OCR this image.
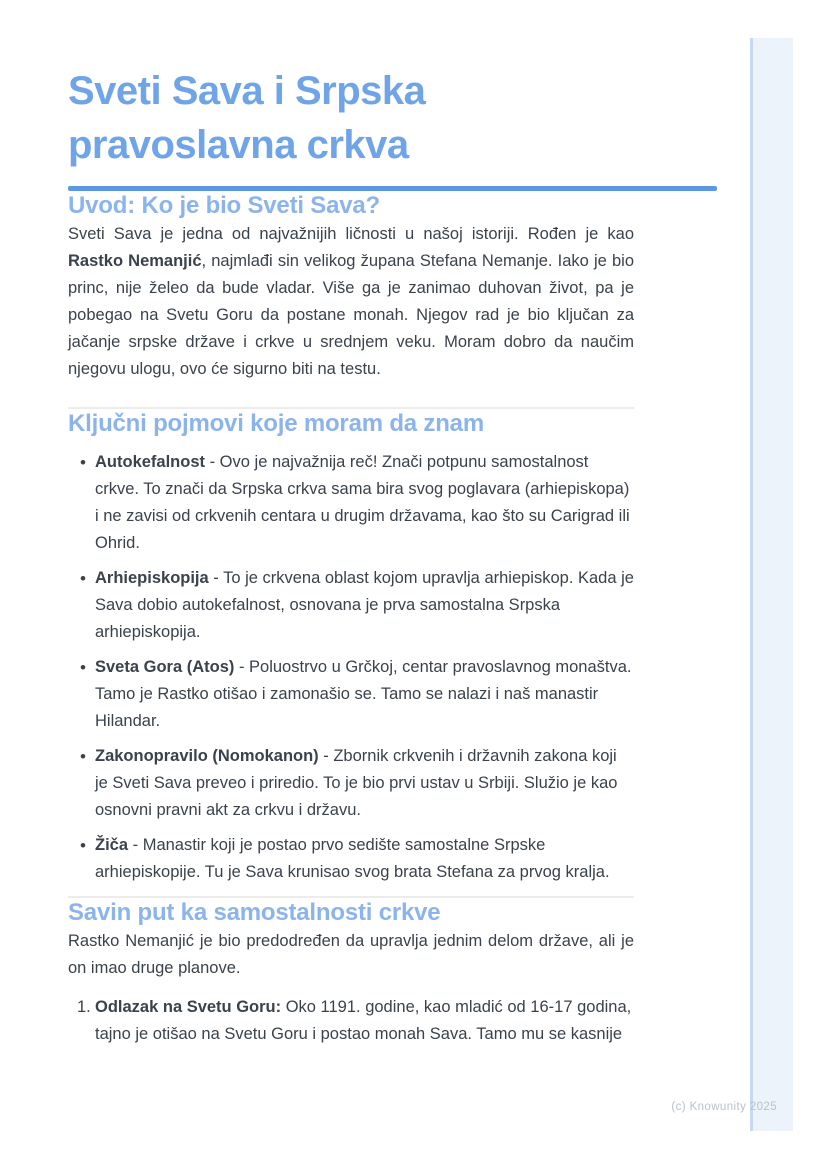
Sveti Sava i Srpska pravoslavna crkva
Uvod: Ko je bio Sveti Sava?

Sveti Sava je jedna od najvažnijih ličnosti u našoj istoriji. Rođen je kao Rastko Nemanjić, najmlađi sin velikog župana Stefana Nemanje. Iako je bio princ, nije želeo da bude vladar. Više ga je zanimao duhovan život, pa je pobegao na Svetu Goru da postane monah. Njegov rad je bio ključan za jačanje srpske države i crkve u srednjem veku. Moram dobro da naučim njegovu ulogu, ovo će sigurno biti na testu.

Ključni pojmovi koje moram da znam
• Autokefalnost - Ovo je najvažnija reč! Znači potpunu samostalnost crkve. To znači da Srpska crkva sama bira svog poglavara (arhiepiskopa) i ne zavisi od crkvenih centara u drugim državama, kao što su Carigrad ili Ohrid.
• Arhiepiskopija - To je crkvena oblast kojom upravlja arhiepiskop. Kada je Sava dobio autokefalnost, osnovana je prva samostalna Srpska arhiepiskopija.
• Sveta Gora (Atos) - Poluostrvo u Grčkoj, centar pravoslavnog monaštva. Tamo je Rastko otišao i zamonašio se. Tamo se nalazi i naš manastir Hilandar.
• Zakonopravilo (Nomokanon) - Zbornik crkvenih i državnih zakona koji je Sveti Sava preveo i priredio. To je bio prvi ustav u Srbiji. Služio je kao osnovni pravni akt za crkvu i državu.
• Žiča - Manastir koji je postao prvo sedište samostalne Srpske arhiepiskopije. Tu je Sava krunisao svog brata Stefana za prvog kralja.
Savin put ka samostalnosti crkve

Rastko Nemanjić je bio predodređen da upravlja jednim delom države, ali je on imao druge planove.

1. Odlazak na Svetu Goru: Oko 1191. godine, kao mladić od 16-17 godina, tajno je otišao na Svetu Goru i postao monah Sava. Tamo mu se kasnije
(c) Knowunity 2025
